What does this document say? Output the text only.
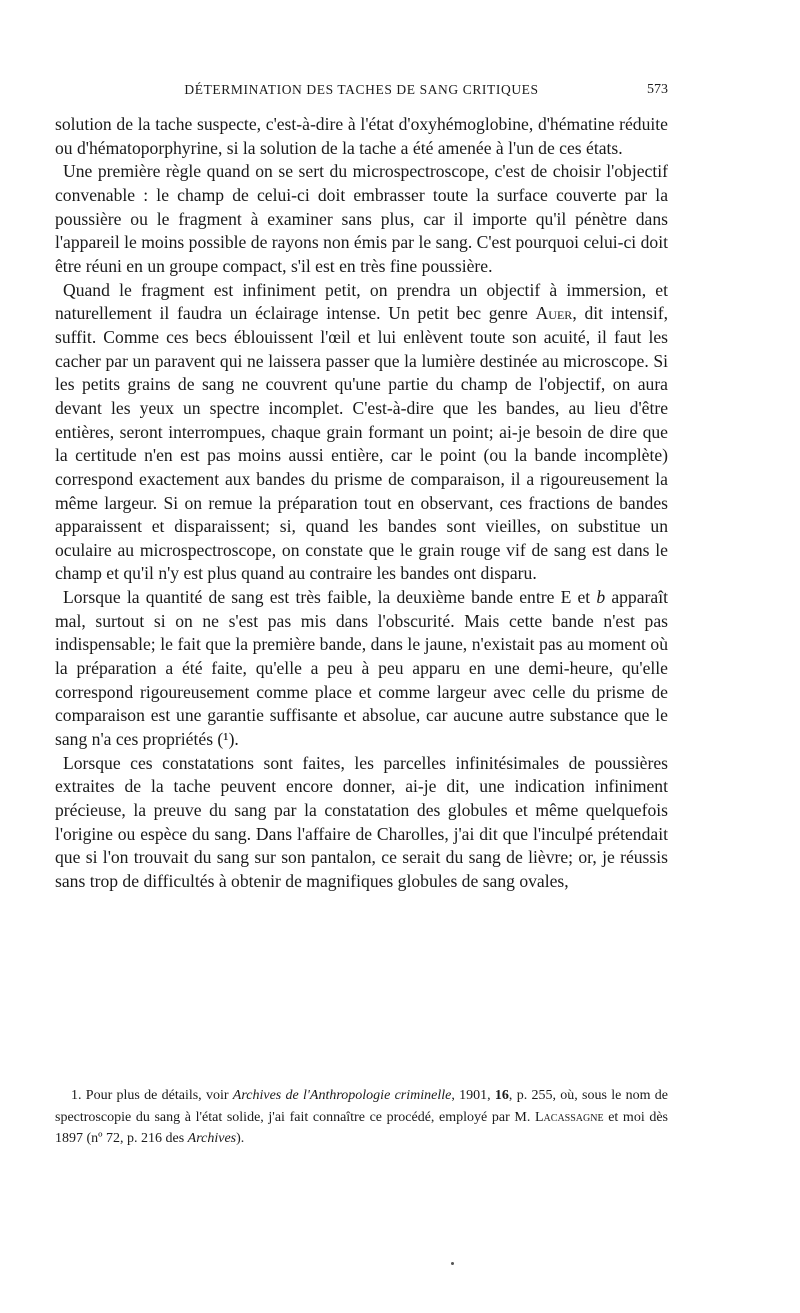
DÉTERMINATION DES TACHES DE SANG CRITIQUES	573

solution de la tache suspecte, c'est-à-dire à l'état d'oxyhémoglobine, d'hématine réduite ou d'hématoporphyrine, si la solution de la tache a été amenée à l'un de ces états.

Une première règle quand on se sert du microspectroscope, c'est de choisir l'objectif convenable : le champ de celui-ci doit embrasser toute la surface couverte par la poussière ou le fragment à examiner sans plus, car il importe qu'il pénètre dans l'appareil le moins possible de rayons non émis par le sang. C'est pourquoi celui-ci doit être réuni en un groupe compact, s'il est en très fine poussière.

Quand le fragment est infiniment petit, on prendra un objectif à immersion, et naturellement il faudra un éclairage intense. Un petit bec genre Auer, dit intensif, suffit. Comme ces becs éblouissent l'œil et lui enlèvent toute son acuité, il faut les cacher par un paravent qui ne laissera passer que la lumière destinée au microscope. Si les petits grains de sang ne couvrent qu'une partie du champ de l'objectif, on aura devant les yeux un spectre incomplet. C'est-à-dire que les bandes, au lieu d'être entières, seront interrompues, chaque grain formant un point; ai-je besoin de dire que la certitude n'en est pas moins aussi entière, car le point (ou la bande incomplète) correspond exactement aux bandes du prisme de comparaison, il a rigoureusement la même largeur. Si on remue la préparation tout en observant, ces fractions de bandes apparaissent et disparaissent; si, quand les bandes sont vieilles, on substitue un oculaire au microspectroscope, on constate que le grain rouge vif de sang est dans le champ et qu'il n'y est plus quand au contraire les bandes ont disparu.

Lorsque la quantité de sang est très faible, la deuxième bande entre E et b apparaît mal, surtout si on ne s'est pas mis dans l'obscurité. Mais cette bande n'est pas indispensable; le fait que la première bande, dans le jaune, n'existait pas au moment où la préparation a été faite, qu'elle a peu à peu apparu en une demi-heure, qu'elle correspond rigoureusement comme place et comme largeur avec celle du prisme de comparaison est une garantie suffisante et absolue, car aucune autre substance que le sang n'a ces propriétés (¹).

Lorsque ces constatations sont faites, les parcelles infinitésimales de poussières extraites de la tache peuvent encore donner, ai-je dit, une indication infiniment précieuse, la preuve du sang par la constatation des globules et même quelquefois l'origine ou espèce du sang. Dans l'affaire de Charolles, j'ai dit que l'inculpé prétendait que si l'on trouvait du sang sur son pantalon, ce serait du sang de lièvre; or, je réussis sans trop de difficultés à obtenir de magnifiques globules de sang ovales,

1. Pour plus de détails, voir Archives de l'Anthropologie criminelle, 1901, 16, p. 255, où, sous le nom de spectroscopie du sang à l'état solide, j'ai fait connaître ce procédé, employé par M. Lacassagne et moi dès 1897 (nº 72, p. 216 des Archives).
